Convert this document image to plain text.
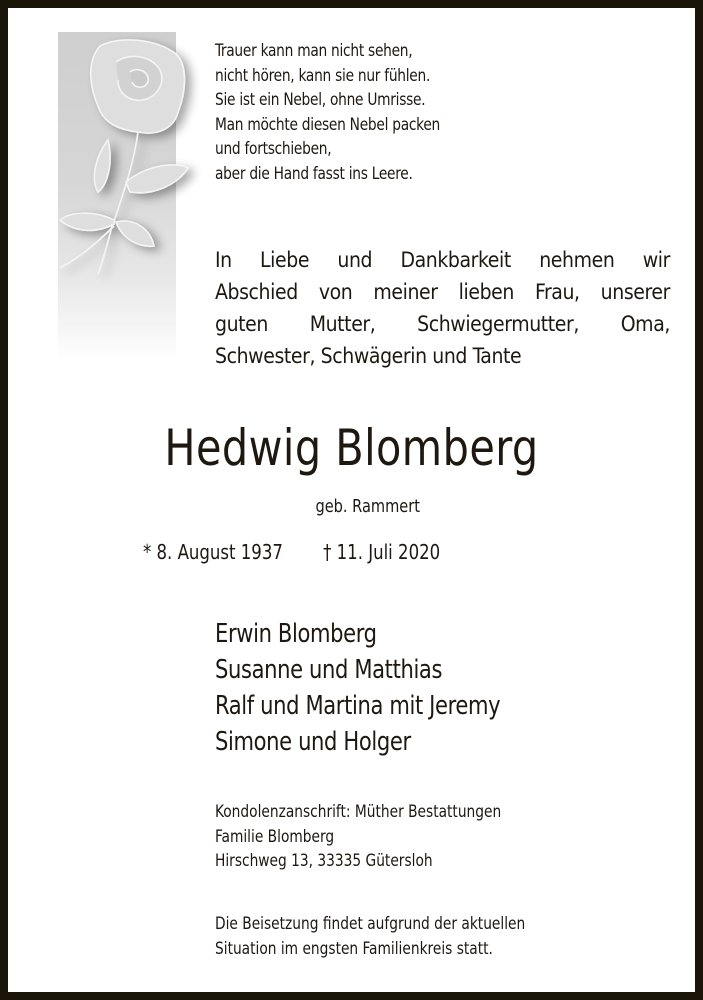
Trauer kann man nicht sehen,
nicht hören, kann sie nur fühlen.
Sie ist ein Nebel, ohne Umrisse.
Man möchte diesen Nebel packen
und fortschieben,
aber die Hand fasst ins Leere.
In Liebe und Dankbarkeit nehmen wir
Abschied von meiner lieben Frau, unserer
guten Mutter, Schwiegermutter, Oma,
Schwester, Schwägerin und Tante
Hedwig Blomberg
geb. Rammert
* 8. August 1937 † 11. Juli 2020
Erwin Blomberg
Susanne und Matthias
Ralf und Martina mit Jeremy
Simone und Holger
Kondolenzanschrift: Müther Bestattungen
Familie Blomberg
Hirschweg 13, 33335 Gütersloh
Die Beisetzung findet aufgrund der aktuellen
Situation im engsten Familienkreis statt.
